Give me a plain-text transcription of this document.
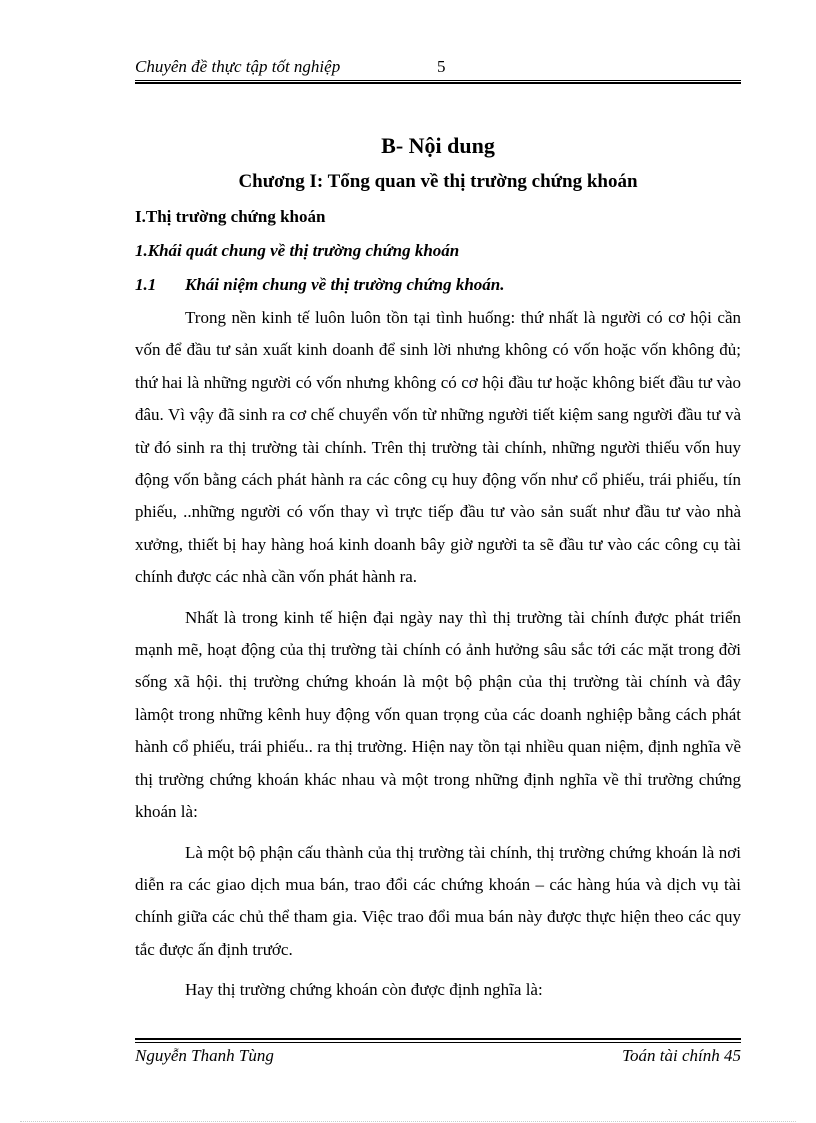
Chuyên đề thực tập tốt nghiệp	5
B- Nội dung
Chương I: Tổng quan về thị trường chứng khoán
I.Thị trường chứng khoán
1.Khái quát chung về thị trường chứng khoán
1.1 Khái niệm chung về thị trường chứng khoán.

Trong nền kinh tế luôn luôn tồn tại tình huống: thứ nhất là người có cơ hội cần vốn để đầu tư sản xuất kinh doanh để sinh lời nhưng không có vốn hoặc vốn không đủ; thứ hai là những người có vốn nhưng không có cơ hội đầu tư hoặc không biết đầu tư vào đâu. Vì vậy đã sinh ra cơ chế chuyển vốn từ những người tiết kiệm sang người đầu tư và từ đó sinh ra thị trường tài chính. Trên thị trường tài chính, những người thiếu vốn huy động vốn bằng cách phát hành ra các công cụ huy động vốn như cổ phiếu, trái phiếu, tín phiếu, ..những người có vốn thay vì trực tiếp đầu tư vào sản suất như đầu tư vào nhà xưởng, thiết bị hay hàng hoá kinh doanh bây giờ người ta sẽ đầu tư vào các công cụ tài chính được các nhà cần vốn phát hành ra.

Nhất là trong kinh tế hiện đại ngày nay thì thị trường tài chính được phát triển mạnh mẽ, hoạt động của thị trường tài chính có ảnh hưởng sâu sắc tới các mặt trong đời sống xã hội. thị trường chứng khoán là một bộ phận của thị trường tài chính và đây làmột trong những kênh huy động vốn quan trọng của các doanh nghiệp bằng cách phát hành cổ phiếu, trái phiếu.. ra thị trường. Hiện nay tồn tại nhiều quan niệm, định nghĩa về thị trường chứng khoán khác nhau và một trong những định nghĩa về thỉ trường chứng khoán là:

Là một bộ phận cấu thành của thị trường tài chính, thị trường chứng khoán là nơi diễn ra các giao dịch mua bán, trao đổi các chứng khoán – các hàng húa và dịch vụ tài chính giữa các chủ thể tham gia. Việc trao đổi mua bán này được thực hiện theo các quy tắc được ấn định trước.

Hay thị trường chứng khoán còn được định nghĩa là:

Nguyễn Thanh Tùng	Toán tài chính 45
